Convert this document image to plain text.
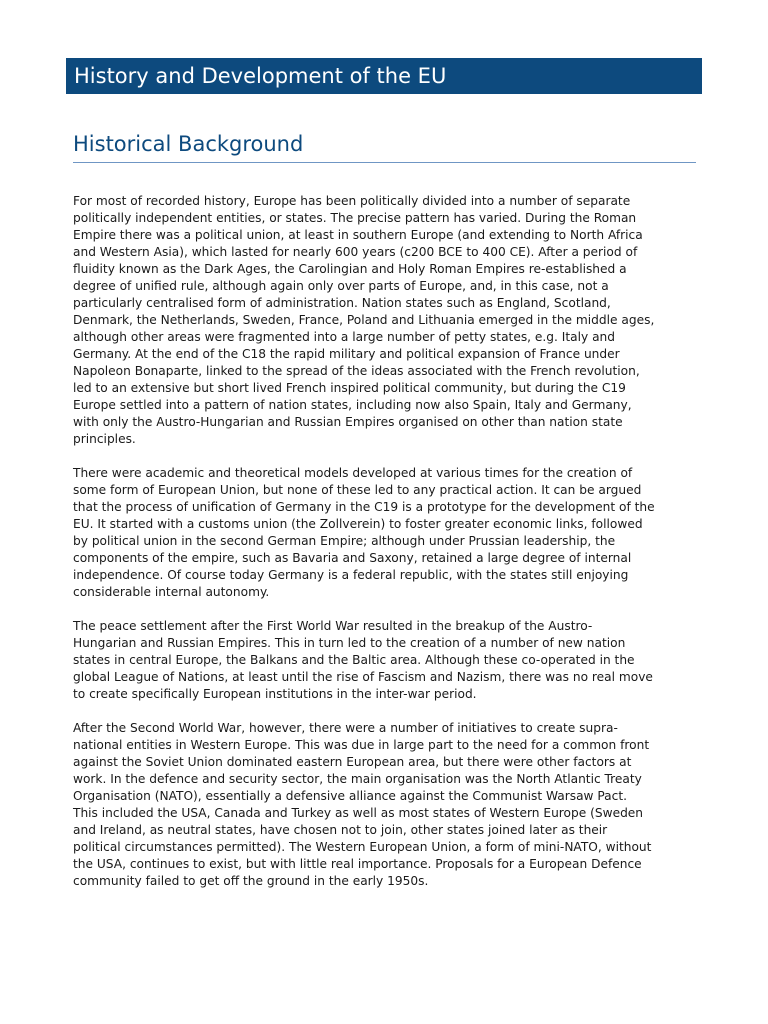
History and Development of the EU
Historical Background

For most of recorded history, Europe has been politically divided into a number of separate
politically independent entities, or states. The precise pattern has varied. During the Roman
Empire there was a political union, at least in southern Europe (and extending to North Africa
and Western Asia), which lasted for nearly 600 years (c200 BCE to 400 CE). After a period of
fluidity known as the Dark Ages, the Carolingian and Holy Roman Empires re-established a
degree of unified rule, although again only over parts of Europe, and, in this case, not a
particularly centralised form of administration. Nation states such as England, Scotland,
Denmark, the Netherlands, Sweden, France, Poland and Lithuania emerged in the middle ages,
although other areas were fragmented into a large number of petty states, e.g. Italy and
Germany. At the end of the C18 the rapid military and political expansion of France under
Napoleon Bonaparte, linked to the spread of the ideas associated with the French revolution,
led to an extensive but short lived French inspired political community, but during the C19
Europe settled into a pattern of nation states, including now also Spain, Italy and Germany,
with only the Austro-Hungarian and Russian Empires organised on other than nation state
principles.

There were academic and theoretical models developed at various times for the creation of
some form of European Union, but none of these led to any practical action. It can be argued
that the process of unification of Germany in the C19 is a prototype for the development of the
EU. It started with a customs union (the Zollverein) to foster greater economic links, followed
by political union in the second German Empire; although under Prussian leadership, the
components of the empire, such as Bavaria and Saxony, retained a large degree of internal
independence. Of course today Germany is a federal republic, with the states still enjoying
considerable internal autonomy.

The peace settlement after the First World War resulted in the breakup of the Austro-
Hungarian and Russian Empires. This in turn led to the creation of a number of new nation
states in central Europe, the Balkans and the Baltic area. Although these co-operated in the
global League of Nations, at least until the rise of Fascism and Nazism, there was no real move
to create specifically European institutions in the inter-war period.

After the Second World War, however, there were a number of initiatives to create supra-
national entities in Western Europe. This was due in large part to the need for a common front
against the Soviet Union dominated eastern European area, but there were other factors at
work. In the defence and security sector, the main organisation was the North Atlantic Treaty
Organisation (NATO), essentially a defensive alliance against the Communist Warsaw Pact.
This included the USA, Canada and Turkey as well as most states of Western Europe (Sweden
and Ireland, as neutral states, have chosen not to join, other states joined later as their
political circumstances permitted). The Western European Union, a form of mini-NATO, without
the USA, continues to exist, but with little real importance. Proposals for a European Defence
community failed to get off the ground in the early 1950s.
